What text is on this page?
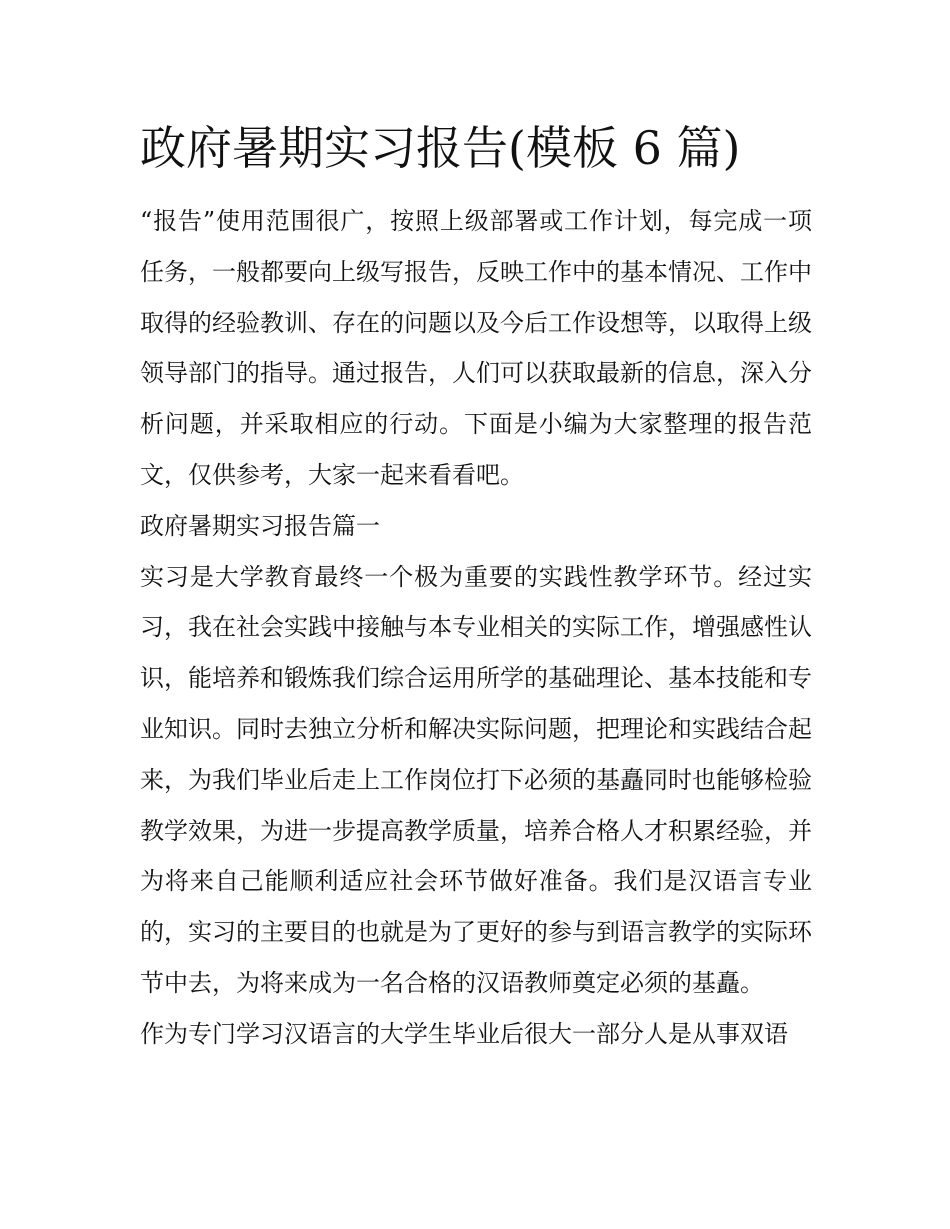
政府暑期实习报告(模板 6 篇)

“报告”使用范围很广，按照上级部署或工作计划，每完成一项任务，一般都要向上级写报告，反映工作中的基本情况、工作中取得的经验教训、存在的问题以及今后工作设想等，以取得上级领导部门的指导。通过报告，人们可以获取最新的信息，深入分析问题，并采取相应的行动。下面是小编为大家整理的报告范文，仅供参考，大家一起来看看吧。

政府暑期实习报告篇一

实习是大学教育最终一个极为重要的实践性教学环节。经过实习，我在社会实践中接触与本专业相关的实际工作，增强感性认识，能培养和锻炼我们综合运用所学的基础理论、基本技能和专业知识。同时去独立分析和解决实际问题，把理论和实践结合起来，为我们毕业后走上工作岗位打下必须的基矗同时也能够检验教学效果，为进一步提高教学质量，培养合格人才积累经验，并为将来自己能顺利适应社会环节做好准备。我们是汉语言专业的，实习的主要目的也就是为了更好的参与到语言教学的实际环节中去，为将来成为一名合格的汉语教师奠定必须的基矗。

作为专门学习汉语言的大学生毕业后很大一部分人是从事双语
